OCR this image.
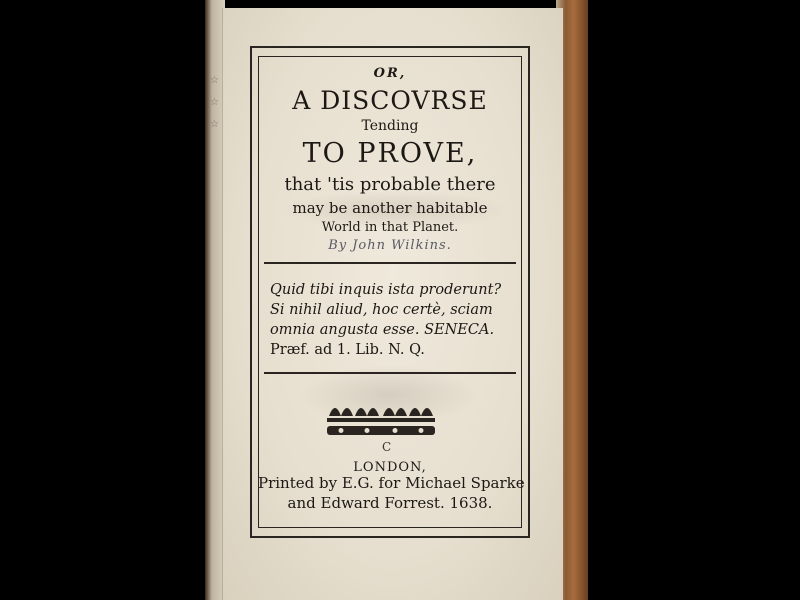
☆
☆
☆
OR,
A DISCOVRSE
Tending
TO PROVE,
that 'tis probable there
may be another habitable
World in that Planet.
By John Wilkins.
Quid tibi inquis ista proderunt?
Si nihil aliud, hoc certè, sciam
omnia angusta esse. SENECA.
Præf. ad 1. Lib. N. Q.
C
LONDON,
Printed by E.G. for Michael Sparke
and Edward Forrest. 1638.
